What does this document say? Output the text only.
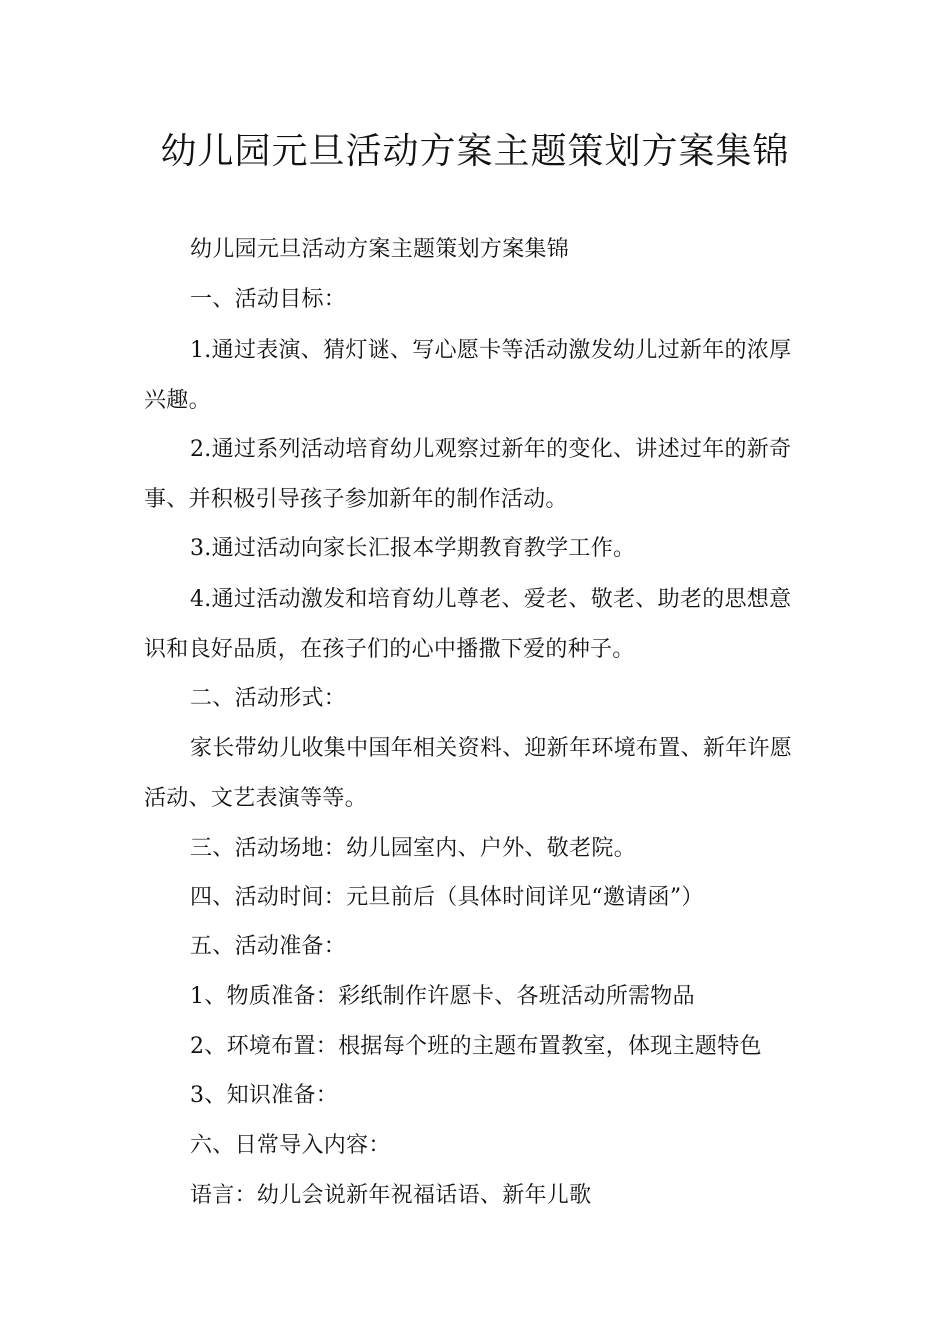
幼儿园元旦活动方案主题策划方案集锦

幼儿园元旦活动方案主题策划方案集锦

一、活动目标：

1.通过表演、猜灯谜、写心愿卡等活动激发幼儿过新年的浓厚兴趣。

2.通过系列活动培育幼儿观察过新年的变化、讲述过年的新奇事、并积极引导孩子参加新年的制作活动。

3.通过活动向家长汇报本学期教育教学工作。

4.通过活动激发和培育幼儿尊老、爱老、敬老、助老的思想意识和良好品质，在孩子们的心中播撒下爱的种子。

二、活动形式：

家长带幼儿收集中国年相关资料、迎新年环境布置、新年许愿活动、文艺表演等等。

三、活动场地：幼儿园室内、户外、敬老院。

四、活动时间：元旦前后（具体时间详见“邀请函”）

五、活动准备：

1、物质准备：彩纸制作许愿卡、各班活动所需物品

2、环境布置：根据每个班的主题布置教室，体现主题特色

3、知识准备：

六、日常导入内容：

语言：幼儿会说新年祝福话语、新年儿歌
